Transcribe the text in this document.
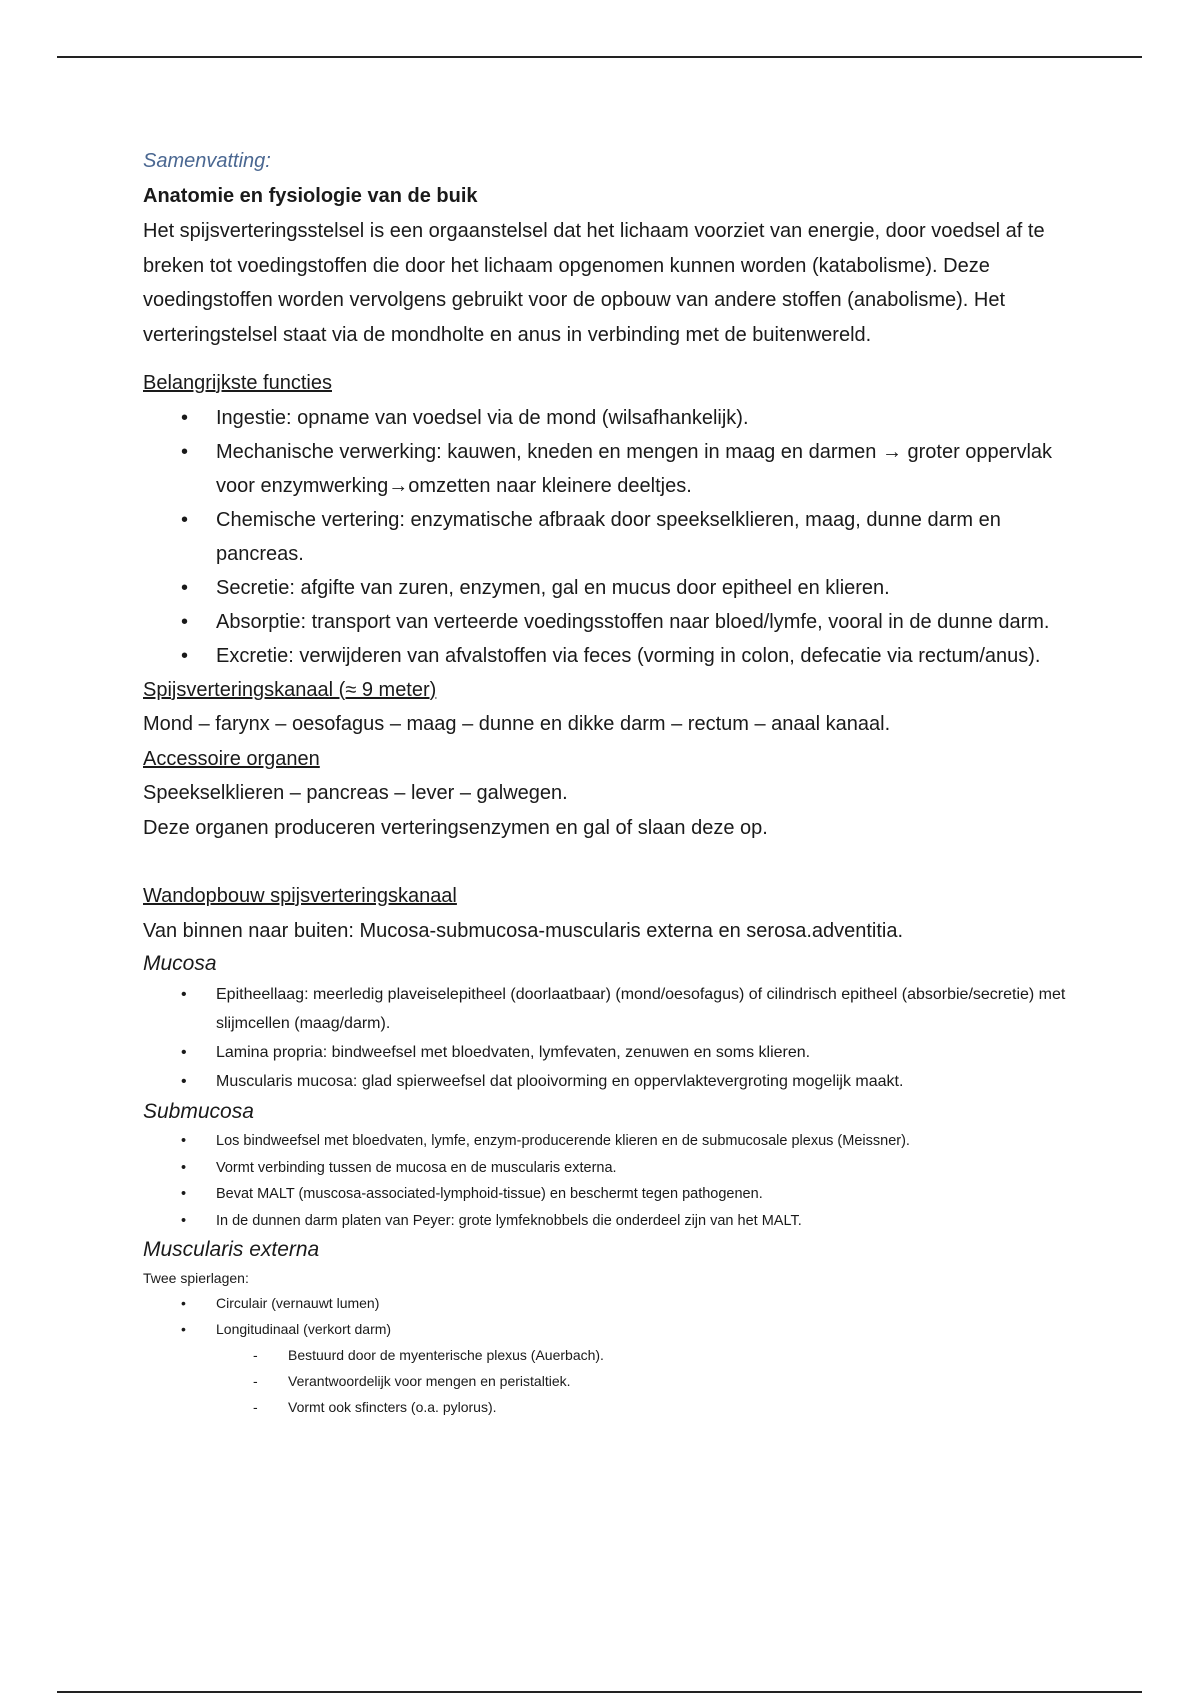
Samenvatting:
Anatomie en fysiologie van de buik

Het spijsverteringsstelsel is een orgaanstelsel dat het lichaam voorziet van energie, door voedsel af te breken tot voedingstoffen die door het lichaam opgenomen kunnen worden (katabolisme). Deze voedingstoffen worden vervolgens gebruikt voor de opbouw van andere stoffen (anabolisme). Het verteringstelsel staat via de mondholte en anus in verbinding met de buitenwereld.

Belangrijkste functies
• Ingestie: opname van voedsel via de mond (wilsafhankelijk).
• Mechanische verwerking: kauwen, kneden en mengen in maag en darmen → groter oppervlak voor enzymwerking→omzetten naar kleinere deeltjes.
• Chemische vertering: enzymatische afbraak door speekselklieren, maag, dunne darm en pancreas.
• Secretie: afgifte van zuren, enzymen, gal en mucus door epitheel en klieren.
• Absorptie: transport van verteerde voedingsstoffen naar bloed/lymfe, vooral in de dunne darm.
• Excretie: verwijderen van afvalstoffen via feces (vorming in colon, defecatie via rectum/anus).
Spijsverteringskanaal (≈ 9 meter)

Mond – farynx – oesofagus – maag – dunne en dikke darm – rectum – anaal kanaal.

Accessoire organen

Speekselklieren – pancreas – lever – galwegen.

Deze organen produceren verteringsenzymen en gal of slaan deze op.

Wandopbouw spijsverteringskanaal

Van binnen naar buiten: Mucosa-submucosa-muscularis externa en serosa.adventitia.

Mucosa
• Epitheellaag: meerledig plaveiselepitheel (doorlaatbaar) (mond/oesofagus) of cilindrisch epitheel (absorbie/secretie) met slijmcellen (maag/darm).
• Lamina propria: bindweefsel met bloedvaten, lymfevaten, zenuwen en soms klieren.
• Muscularis mucosa: glad spierweefsel dat plooivorming en oppervlaktevergroting mogelijk maakt.
Submucosa
• Los bindweefsel met bloedvaten, lymfe, enzym-producerende klieren en de submucosale plexus (Meissner).
• Vormt verbinding tussen de mucosa en de muscularis externa.
• Bevat MALT (muscosa-associated-lymphoid-tissue) en beschermt tegen pathogenen.
• In de dunnen darm platen van Peyer: grote lymfeknobbels die onderdeel zijn van het MALT.
Muscularis externa

Twee spierlagen:

• Circulair (vernauwt lumen)
• Longitudinaal (verkort darm)
- Bestuurd door de myenterische plexus (Auerbach).
- Verantwoordelijk voor mengen en peristaltiek.
- Vormt ook sfincters (o.a. pylorus).
